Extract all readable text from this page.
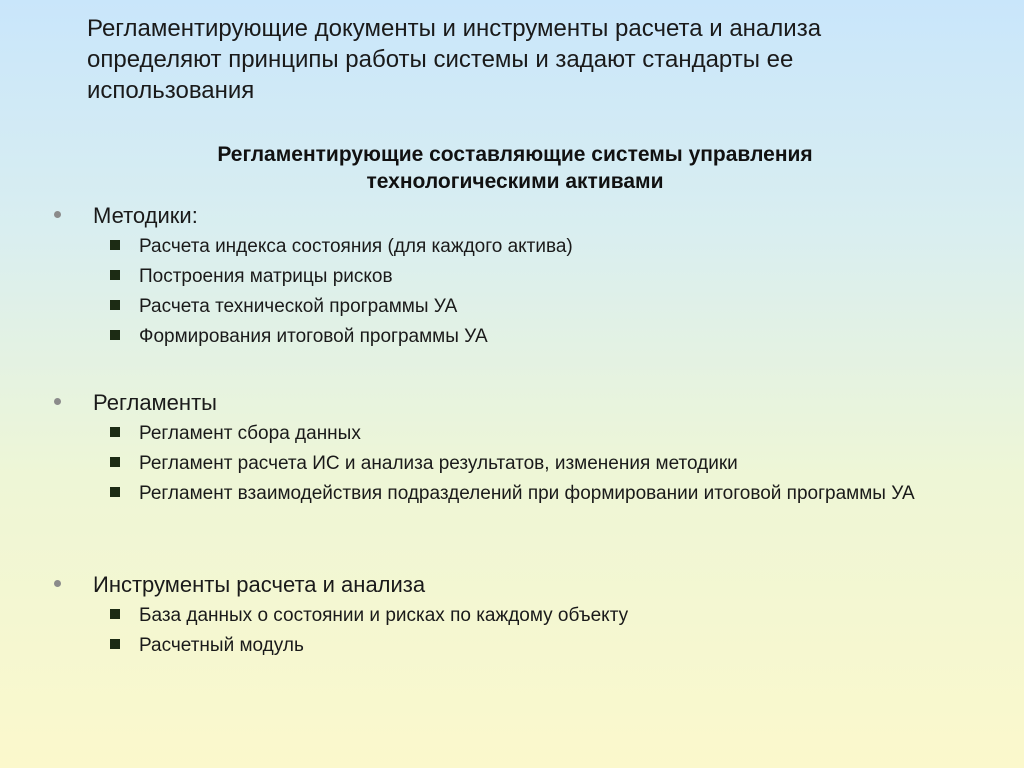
Регламентирующие документы и инструменты расчета и анализа определяют принципы работы системы и задают стандарты ее использования
Регламентирующие составляющие системы управления технологическими активами
Методики:
Расчета индекса состояния (для каждого актива)
Построения матрицы рисков
Расчета технической программы УА
Формирования итоговой программы УА
Регламенты
Регламент сбора данных
Регламент расчета ИС и анализа результатов, изменения методики
Регламент взаимодействия подразделений при формировании итоговой программы УА
Инструменты расчета и анализа
База данных о состоянии и рисках по каждому объекту
Расчетный модуль
